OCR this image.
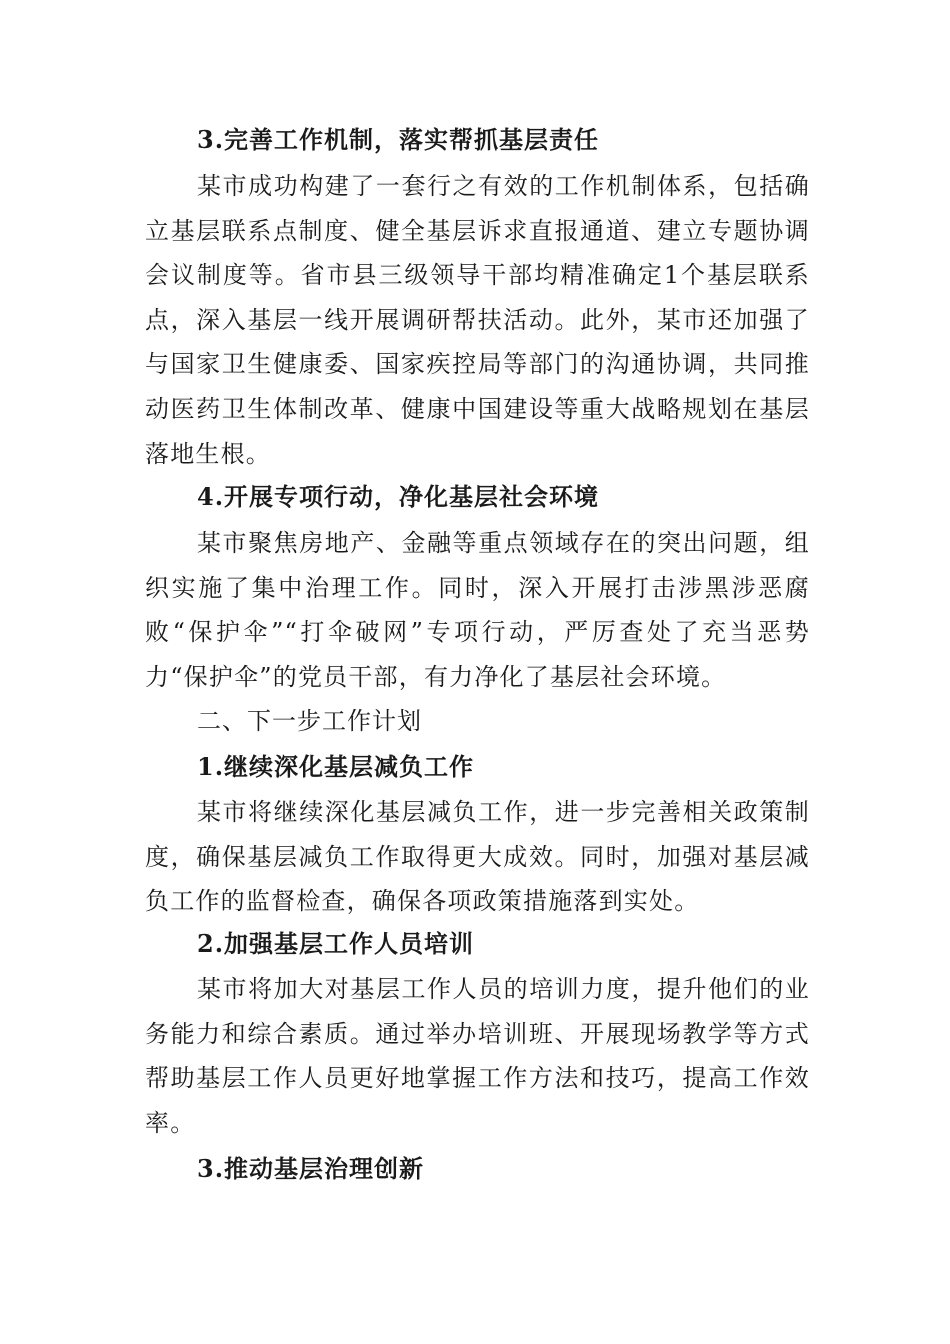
3.完善工作机制，落实帮抓基层责任

某市成功构建了一套行之有效的工作机制体系，包括确立基层联系点制度、健全基层诉求直报通道、建立专题协调会议制度等。省市县三级领导干部均精准确定1个基层联系点，深入基层一线开展调研帮扶活动。此外，某市还加强了与国家卫生健康委、国家疾控局等部门的沟通协调，共同推动医药卫生体制改革、健康中国建设等重大战略规划在基层落地生根。

4.开展专项行动，净化基层社会环境

某市聚焦房地产、金融等重点领域存在的突出问题，组织实施了集中治理工作。同时，深入开展打击涉黑涉恶腐败“保护伞”“打伞破网”专项行动，严厉查处了充当恶势力“保护伞”的党员干部，有力净化了基层社会环境。

二、下一步工作计划

1.继续深化基层减负工作

某市将继续深化基层减负工作，进一步完善相关政策制度，确保基层减负工作取得更大成效。同时，加强对基层减负工作的监督检查，确保各项政策措施落到实处。

2.加强基层工作人员培训

某市将加大对基层工作人员的培训力度，提升他们的业务能力和综合素质。通过举办培训班、开展现场教学等方式帮助基层工作人员更好地掌握工作方法和技巧，提高工作效率。

3.推动基层治理创新
